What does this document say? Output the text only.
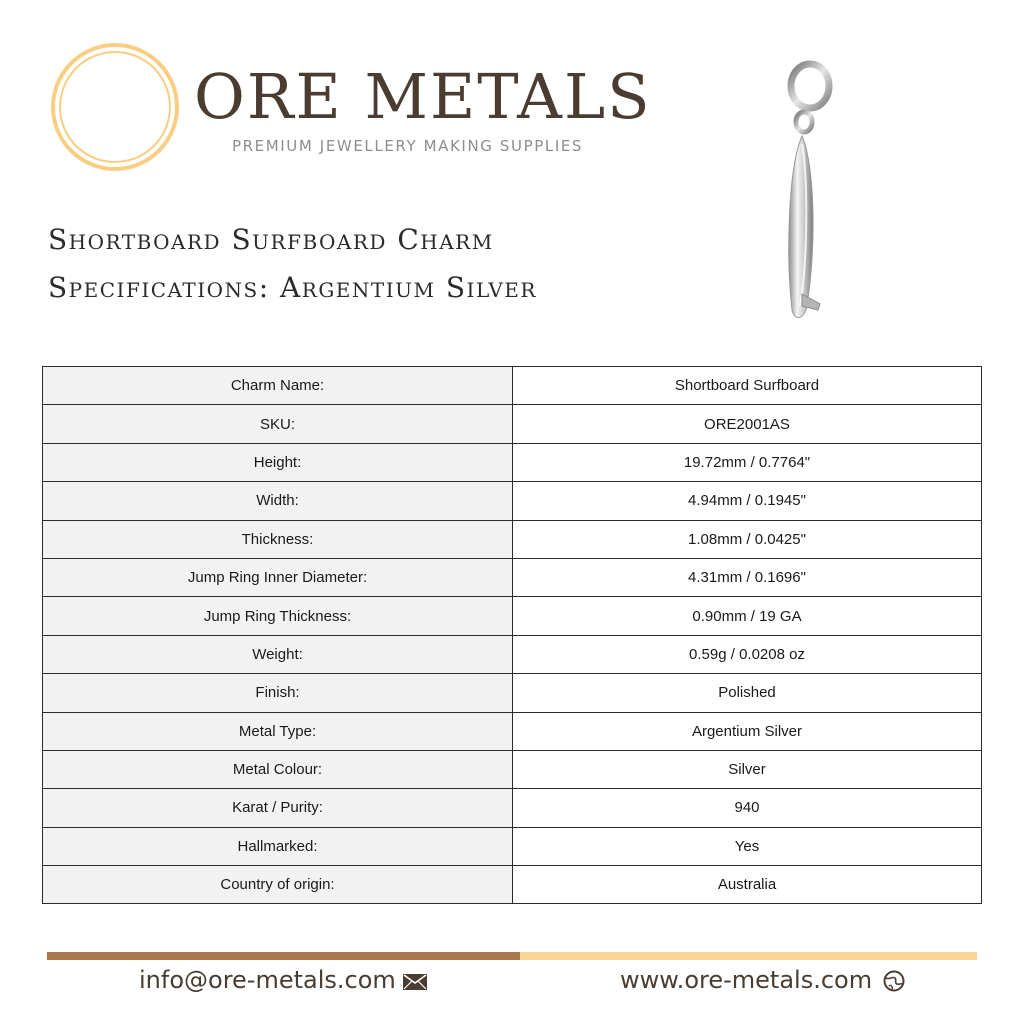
ORE METALS
PREMIUM JEWELLERY MAKING SUPPLIES
Shortboard Surfboard Charm
Specifications: Argentium Silver
Charm Name:	Shortboard Surfboard
SKU:	ORE2001AS
Height:	19.72mm / 0.7764"
Width:	4.94mm / 0.1945"
Thickness:	1.08mm / 0.0425"
Jump Ring Inner Diameter:	4.31mm / 0.1696"
Jump Ring Thickness:	0.90mm / 19 GA
Weight:	0.59g / 0.0208 oz
Finish:	Polished
Metal Type:	Argentium Silver
Metal Colour:	Silver
Karat / Purity:	940
Hallmarked:	Yes
Country of origin:	Australia
info@ore-metals.com	www.ore-metals.com
